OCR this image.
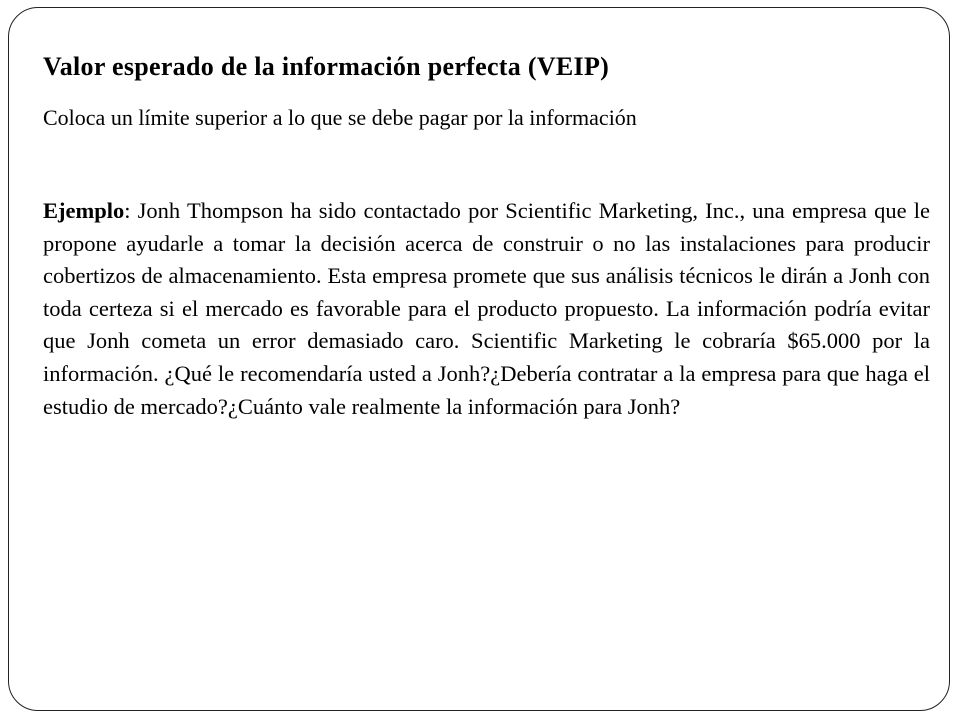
Valor esperado de la información perfecta (VEIP)

Coloca un límite superior a lo que se debe pagar por la información

Ejemplo: Jonh Thompson ha sido contactado por Scientific Marketing, Inc., una empresa que le propone ayudarle a tomar la decisión acerca de construir o no las instalaciones para producir cobertizos de almacenamiento. Esta empresa promete que sus análisis técnicos le dirán a Jonh con toda certeza si el mercado es favorable para el producto propuesto. La información podría evitar que Jonh cometa un error demasiado caro. Scientific Marketing le cobraría $65.000 por la información. ¿Qué le recomendaría usted a Jonh?¿Debería contratar a la empresa para que haga el estudio de mercado?¿Cuánto vale realmente la información para Jonh?
